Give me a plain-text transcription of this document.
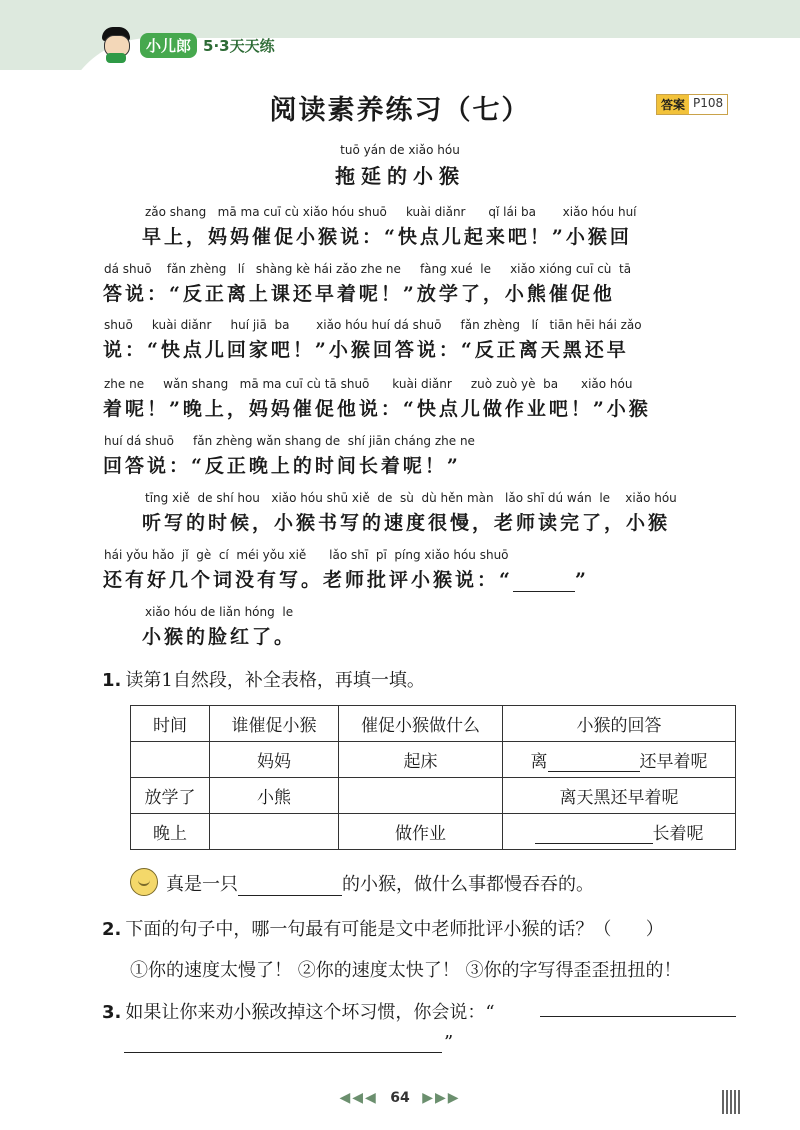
小儿郎 5·3天天练
阅读素养练习（七）	答案 P108
tuō yán de xiǎo hóu
拖延的小猴
zǎo shang   mā ma cuī cù xiǎo hóu shuō     kuài diǎnr      qǐ lái ba       xiǎo hóu huí
早上，妈妈催促小猴说：“快点儿起来吧！”小猴回
dá shuō    fǎn zhèng   lí   shàng kè hái zǎo zhe ne     fàng xué  le     xiǎo xióng cuī cù  tā
答说：“反正离上课还早着呢！”放学了，小熊催促他
shuō     kuài diǎnr     huí jiā  ba       xiǎo hóu huí dá shuō     fǎn zhèng   lí   tiān hēi hái zǎo
说：“快点儿回家吧！”小猴回答说：“反正离天黑还早
zhe ne     wǎn shang   mā ma cuī cù tā shuō      kuài diǎnr     zuò zuò yè  ba      xiǎo hóu
着呢！”晚上，妈妈催促他说：“快点儿做作业吧！”小猴
huí dá shuō     fǎn zhèng wǎn shang de  shí jiān cháng zhe ne
回答说：“反正晚上的时间长着呢！”
tīng xiě  de shí hou   xiǎo hóu shū xiě  de  sù  dù hěn màn   lǎo shī dú wán  le    xiǎo hóu
听写的时候，小猴书写的速度很慢，老师读完了，小猴
hái yǒu hǎo  jǐ  gè  cí  méi yǒu xiě      lǎo shī  pī  píng xiǎo hóu shuō
还有好几个词没有写。老师批评小猴说：“	”
xiǎo hóu de liǎn hóng  le
小猴的脸红了。
1. 读第1自然段，补全表格，再填一填。
时间	谁催促小猴	催促小猴做什么	小猴的回答
	妈妈	起床	离 还早着呢
放学了	小熊		离天黑还早着呢
晚上		做作业	长着呢
真是一只	的小猴，做什么事都慢吞吞的。
2. 下面的句子中，哪一句最有可能是文中老师批评小猴的话？（      ）
①你的速度太慢了！ ②你的速度太快了！ ③你的字写得歪歪扭扭的！
3. 如果让你来劝小猴改掉这个坏习惯，你会说：“
”
◀◀◀ 64 ▶▶▶
